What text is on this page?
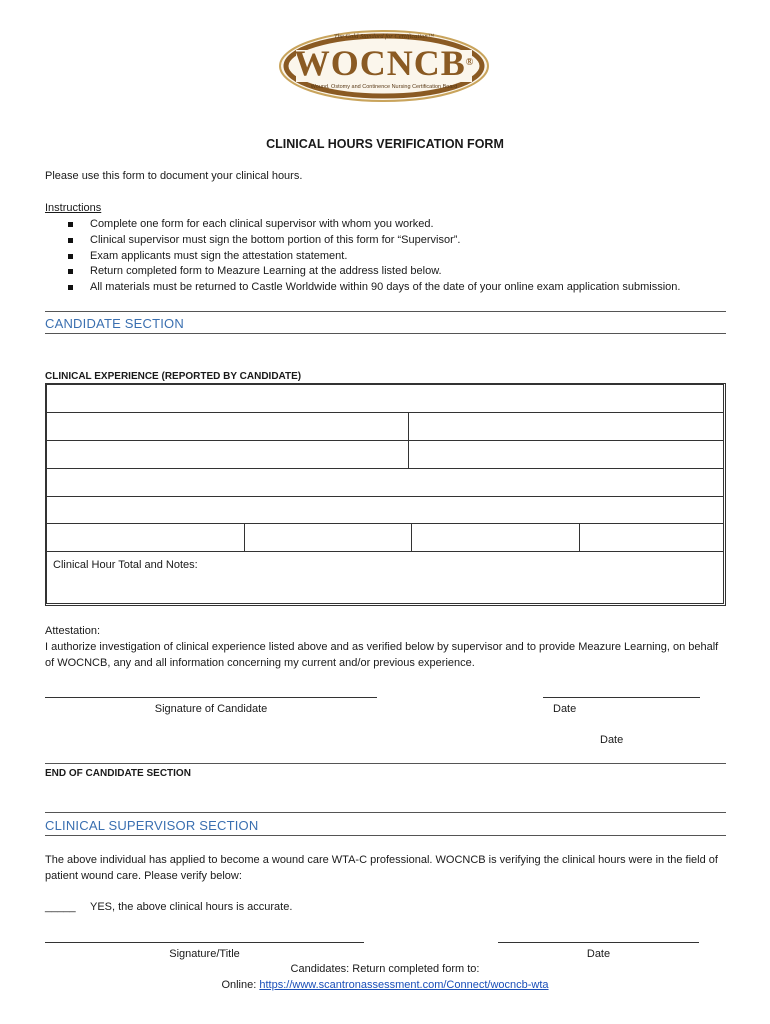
The Gold Standard for Certification™
WOCNCB®
Wound, Ostomy and Continence Nursing Certification Board
CLINICAL HOURS VERIFICATION FORM
Please use this form to document your clinical hours.
Instructions
Complete one form for each clinical supervisor with whom you worked.
Clinical supervisor must sign the bottom portion of this form for “Supervisor”.
Exam applicants must sign the attestation statement.
Return completed form to Meazure Learning at the address listed below.
All materials must be returned to Castle Worldwide within 90 days of the date of your online exam application submission.
CANDIDATE SECTION
CLINICAL EXPERIENCE (REPORTED BY CANDIDATE)
Clinical Hour Total and Notes:
Attestation:
I authorize investigation of clinical experience listed above and as verified below by supervisor and to provide Meazure Learning, on behalf of WOCNCB, any and all information concerning my current and/or previous experience.
Signature of Candidate	Date
Date
END OF CANDIDATE SECTION
CLINICAL SUPERVISOR SECTION
The above individual has applied to become a wound care WTA-C professional. WOCNCB is verifying the clinical hours were in the field of patient wound care. Please verify below:
_____ YES, the above clinical hours is accurate.
Signature/Title	Date
Candidates: Return completed form to:
Online: https://www.scantronassessment.com/Connect/wocncb-wta
